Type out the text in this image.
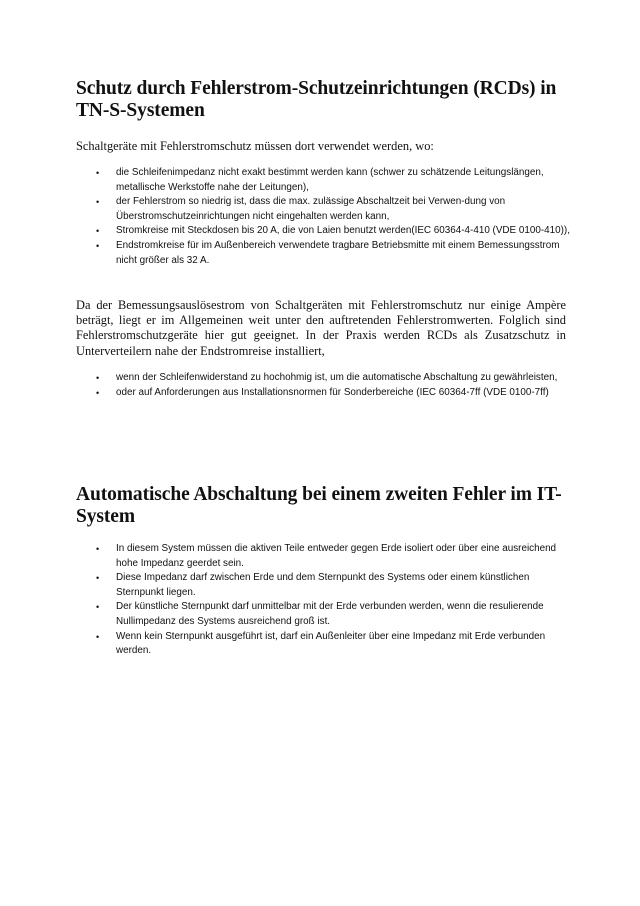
Schutz durch Fehlerstrom-Schutzeinrichtungen (RCDs) in TN-S-Systemen

Schaltgeräte mit Fehlerstromschutz müssen dort verwendet werden, wo:

•	die Schleifenimpedanz nicht exakt bestimmt werden kann (schwer zu schätzende Leitungslängen, metallische Werkstoffe nahe der Leitungen),
•	der Fehlerstrom so niedrig ist, dass die max. zulässige Abschaltzeit bei Verwen-dung von Überstromschutzeinrichtungen nicht eingehalten werden kann,
•	Stromkreise mit Steckdosen bis 20 A, die von Laien benutzt werden(IEC 60364-4-410 (VDE 0100-410)),
•	Endstromkreise für im Außenbereich verwendete tragbare Betriebsmitte mit einem Bemessungsstrom nicht größer als 32 A.

Da der Bemessungsauslösestrom von Schaltgeräten mit Fehlerstromschutz nur einige Ampère beträgt, liegt er im Allgemeinen weit unter den auftretenden Fehlerstromwerten. Folglich sind Fehlerstromschutzgeräte hier gut geeignet. In der Praxis werden RCDs als Zusatzschutz in Unterverteilern nahe der Endstromreise installiert,

•	wenn der Schleifenwiderstand zu hochohmig ist, um die automatische Abschaltung zu gewährleisten,
•	oder auf Anforderungen aus Installationsnormen für Sonderbereiche (IEC 60364-7ff (VDE 0100-7ff)
Automatische Abschaltung bei einem zweiten Fehler im IT-System
•	In diesem System müssen die aktiven Teile entweder gegen Erde isoliert oder über eine ausreichend hohe Impedanz geerdet sein.
•	Diese Impedanz darf zwischen Erde und dem Sternpunkt des Systems oder einem künstlichen Sternpunkt liegen.
•	Der künstliche Sternpunkt darf unmittelbar mit der Erde verbunden werden, wenn die resulierende Nullimpedanz des Systems ausreichend groß ist.
•	Wenn kein Sternpunkt ausgeführt ist, darf ein Außenleiter über eine Impedanz mit Erde verbunden werden.
